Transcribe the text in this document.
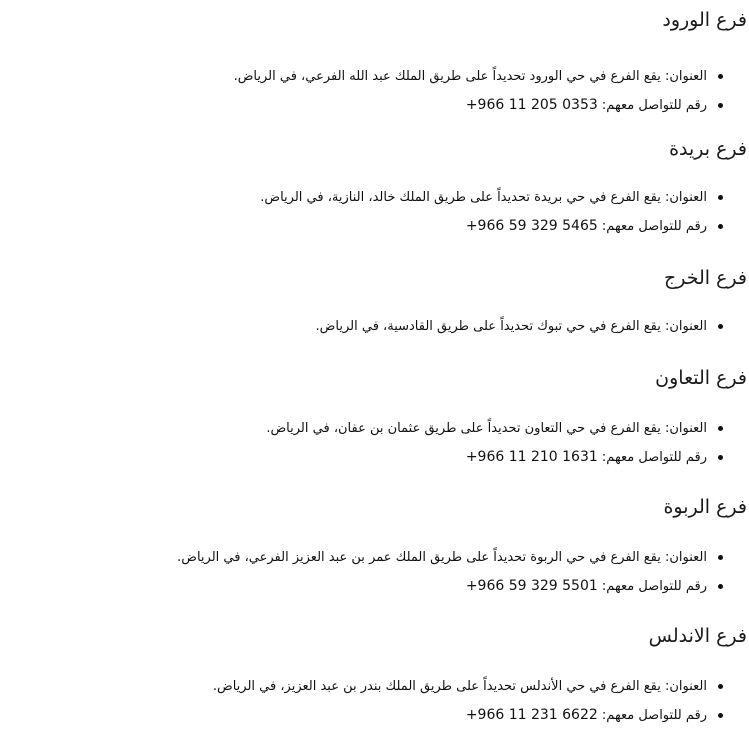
فرع الورود
العنوان: يقع الفرع في حي الورود تحديداً على طريق الملك عبد الله الفرعي، في الرياض.
رقم للتواصل معهم: +966 11 205 0353
فرع بريدة
العنوان: يقع الفرع في حي بريدة تحديداً على طريق الملك خالد، النازية، في الرياض.
رقم للتواصل معهم: +966 59 329 5465
فرع الخرج
العنوان: يقع الفرع في حي تبوك تحديداً على طريق القادسية، في الرياض.
فرع التعاون
العنوان: يقع الفرع في حي التعاون تحديداً على طريق عثمان بن عفان، في الرياض.
رقم للتواصل معهم: +966 11 210 1631
فرع الربوة
العنوان: يقع الفرع في حي الربوة تحديداً على طريق الملك عمر بن عبد العزيز الفرعي، في الرياض.
رقم للتواصل معهم: +966 59 329 5501
فرع الاندلس
العنوان: يقع الفرع في حي الأندلس تحديداً على طريق الملك بندر بن عبد العزيز، في الرياض.
رقم للتواصل معهم: +966 11 231 6622
